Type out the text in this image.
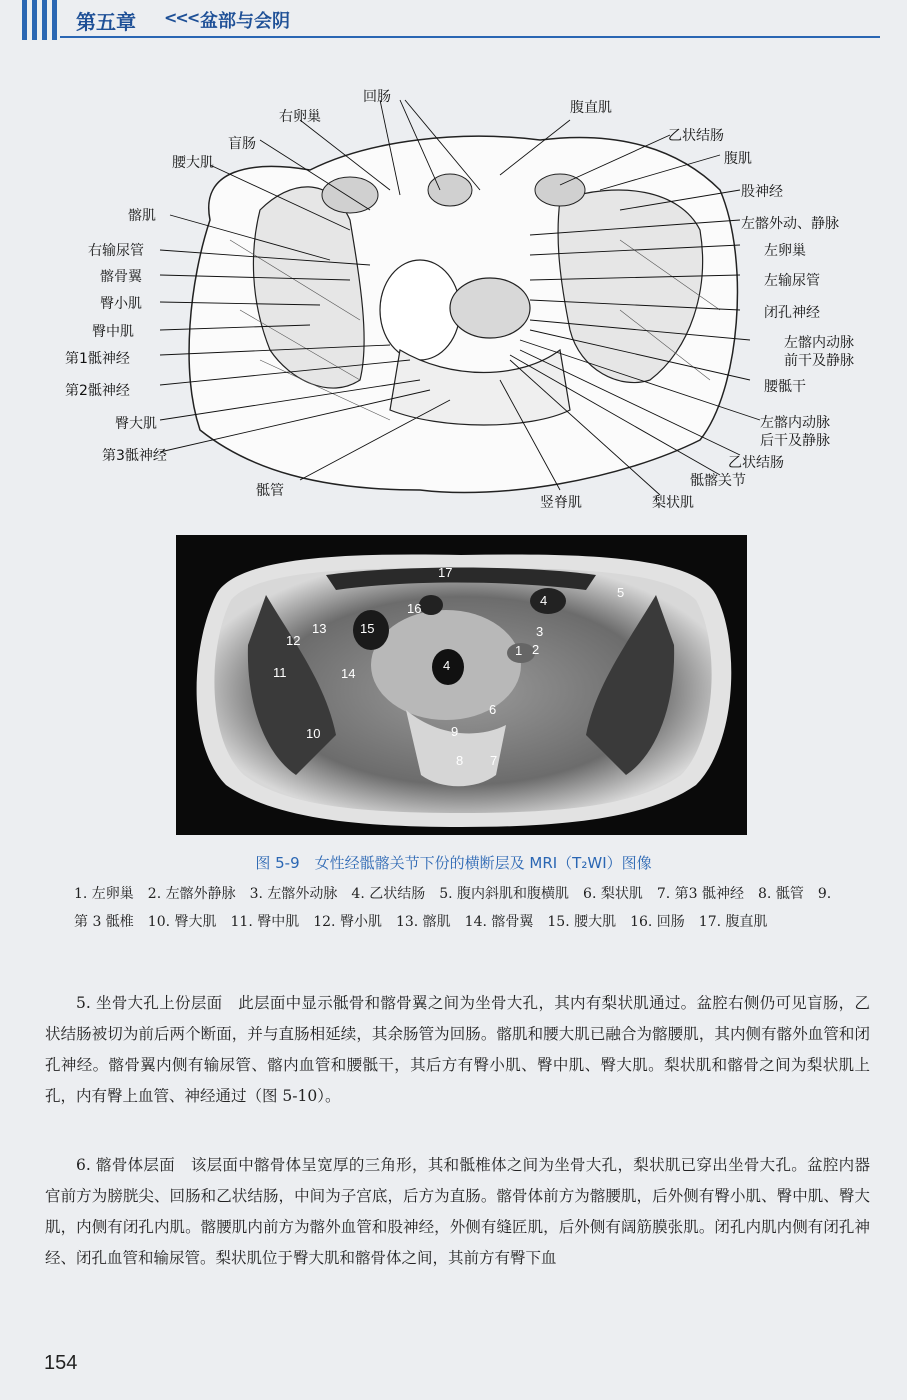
第五章 <<< 盆部与会阴
回肠
右卵巢
腹直肌
盲肠	乙状结肠
腰大肌	腹肌
股神经
髂肌	左髂外动、静脉
右输尿管	左卵巢
髂骨翼	左输尿管
臀小肌
闭孔神经
臀中肌
左髂内动脉
前干及静脉
第1骶神经
腰骶干
第2骶神经
臀大肌	左髂内动脉
后干及静脉
第3骶神经	乙状结肠
骶髂关节
骶管
竖脊肌	梨状肌
17
5
16
4
13	15	3
12
1 2
4
11	14
6
10	9
8 7
图 5-9　女性经骶髂关节下份的横断层及 MRI（T₂WI）图像
1. 左卵巢　2. 左髂外静脉　3. 左髂外动脉　4. 乙状结肠　5. 腹内斜肌和腹横肌　6. 梨状肌　7. 第3 骶神经　8. 骶管　9. 第 3 骶椎　10. 臀大肌　11. 臀中肌　12. 臀小肌　13. 髂肌　14. 髂骨翼　15. 腰大肌　16. 回肠　17. 腹直肌
5. 坐骨大孔上份层面　此层面中显示骶骨和髂骨翼之间为坐骨大孔，其内有梨状肌通过。盆腔右侧仍可见盲肠，乙状结肠被切为前后两个断面，并与直肠相延续，其余肠管为回肠。髂肌和腰大肌已融合为髂腰肌，其内侧有髂外血管和闭孔神经。髂骨翼内侧有输尿管、髂内血管和腰骶干，其后方有臀小肌、臀中肌、臀大肌。梨状肌和髂骨之间为梨状肌上孔，内有臀上血管、神经通过（图 5-10）。
6. 髂骨体层面　该层面中髂骨体呈宽厚的三角形，其和骶椎体之间为坐骨大孔，梨状肌已穿出坐骨大孔。盆腔内器官前方为膀胱尖、回肠和乙状结肠，中间为子宫底，后方为直肠。髂骨体前方为髂腰肌，后外侧有臀小肌、臀中肌、臀大肌，内侧有闭孔内肌。髂腰肌内前方为髂外血管和股神经，外侧有缝匠肌，后外侧有阔筋膜张肌。闭孔内肌内侧有闭孔神经、闭孔血管和输尿管。梨状肌位于臀大肌和髂骨体之间，其前方有臀下血
154
